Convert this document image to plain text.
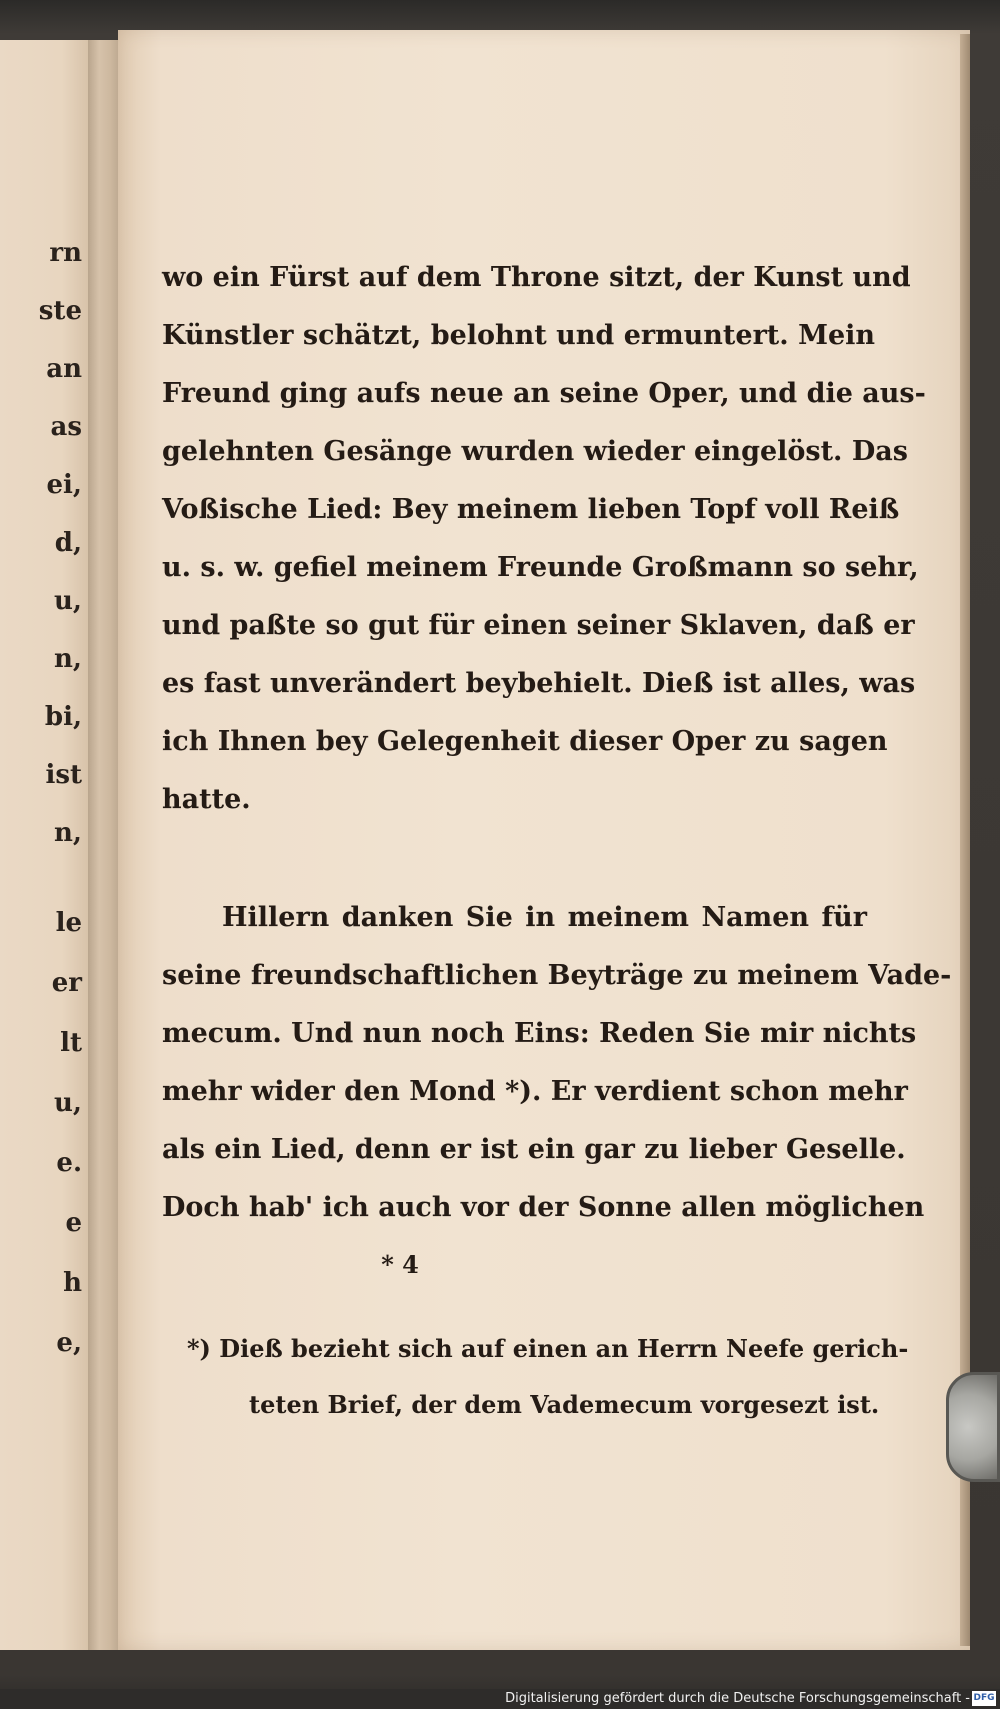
rn
ste
an
as
ei,
d,
u,
n,
bi,
ist
n,
le
er
lt
u,
e.
e
h
e,
wo ein Fürst auf dem Throne sitzt, der Kunst und
Künstler schätzt, belohnt und ermuntert. Mein
Freund ging aufs neue an seine Oper, und die aus-
gelehnten Gesänge wurden wieder eingelöst. Das
Voßische Lied: Bey meinem lieben Topf voll Reiß
u. s. w. gefiel meinem Freunde Großmann so sehr,
und paßte so gut für einen seiner Sklaven, daß er
es fast unverändert beybehielt. Dieß ist alles, was
ich Ihnen bey Gelegenheit dieser Oper zu sagen
hatte.
Hillern danken Sie in meinem Namen für
seine freundschaftlichen Beyträge zu meinem Vade-
mecum. Und nun noch Eins: Reden Sie mir nichts
mehr wider den Mond *). Er verdient schon mehr
als ein Lied, denn er ist ein gar zu lieber Geselle.
Doch hab' ich auch vor der Sonne allen möglichen
* 4
*) Dieß bezieht sich auf einen an Herrn Neefe gerich-
teten Brief, der dem Vademecum vorgesezt ist.
Digitalisierung gefördert durch die Deutsche Forschungsgemeinschaft - DFG
